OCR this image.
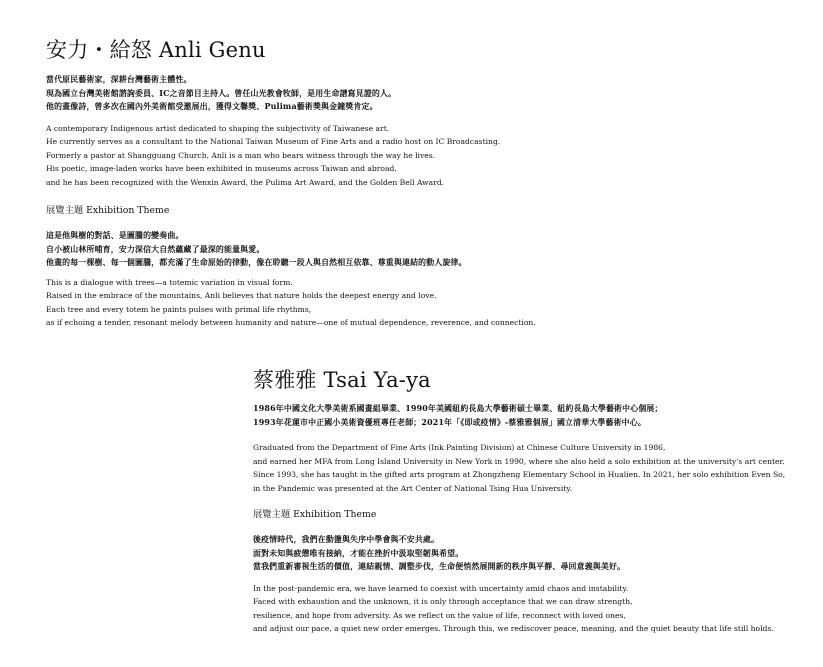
安力・給怒 Anli Genu
當代原民藝術家，深耕台灣藝術主體性。
現為國立台灣美術館諮詢委員、IC之音節目主持人。曾任山光教會牧師，是用生命譜寫見證的人。
他的畫像詩，曾多次在國內外美術館受邀展出，獲得文馨獎、Pulima藝術獎與金鐘獎肯定。
A contemporary Indigenous artist dedicated to shaping the subjectivity of Taiwanese art.
He currently serves as a consultant to the National Taiwan Museum of Fine Arts and a radio host on IC Broadcasting.
Formerly a pastor at Shangguang Church, Anli is a man who bears witness through the way he lives.
His poetic, image-laden works have been exhibited in museums across Taiwan and abroad,
and he has been recognized with the Wenxin Award, the Pulima Art Award, and the Golden Bell Award.
展覽主題 Exhibition Theme
這是他與樹的對話、是圖騰的變奏曲。
自小被山林所哺育，安力深信大自然蘊藏了最深的能量與愛。
他畫的每一棵樹、每一個圖騰，都充滿了生命原始的律動，像在聆聽一段人與自然相互依靠、尊重與連結的動人旋律。
This is a dialogue with trees—a totemic variation in visual form.
Raised in the embrace of the mountains, Anli believes that nature holds the deepest energy and love.
Each tree and every totem he paints pulses with primal life rhythms,
as if echoing a tender, resonant melody between humanity and nature—one of mutual dependence, reverence, and connection.
蔡雅雅 Tsai Ya-ya
1986年中國文化大學美術系國畫組畢業、1990年美國紐約長島大學藝術碩士畢業、紐約長島大學藝術中心個展；
1993年花蓮市中正國小美術資優班專任老師；2021年「《即或疫情》-蔡雅雅個展」國立清華大學藝術中心。
Graduated from the Department of Fine Arts (Ink Painting Division) at Chinese Culture University in 1986,
and earned her MFA from Long Island University in New York in 1990, where she also held a solo exhibition at the university's art center.
Since 1993, she has taught in the gifted arts program at Zhongzheng Elementary School in Hualien. In 2021, her solo exhibition Even So,
in the Pandemic was presented at the Art Center of National Tsing Hua University.
展覽主題 Exhibition Theme
後疫情時代，我們在動盪與失序中學會與不安共處。
面對未知與疲憊唯有接納，才能在挫折中汲取堅韌與希望。
當我們重新審視生活的價值，連結親情、調整步伐，生命便悄然展開新的秩序與平靜、尋回意義與美好。
In the post-pandemic era, we have learned to coexist with uncertainty amid chaos and instability.
Faced with exhaustion and the unknown, it is only through acceptance that we can draw strength,
resilience, and hope from adversity. As we reflect on the value of life, reconnect with loved ones,
and adjust our pace, a quiet new order emerges. Through this, we rediscover peace, meaning, and the quiet beauty that life still holds.
